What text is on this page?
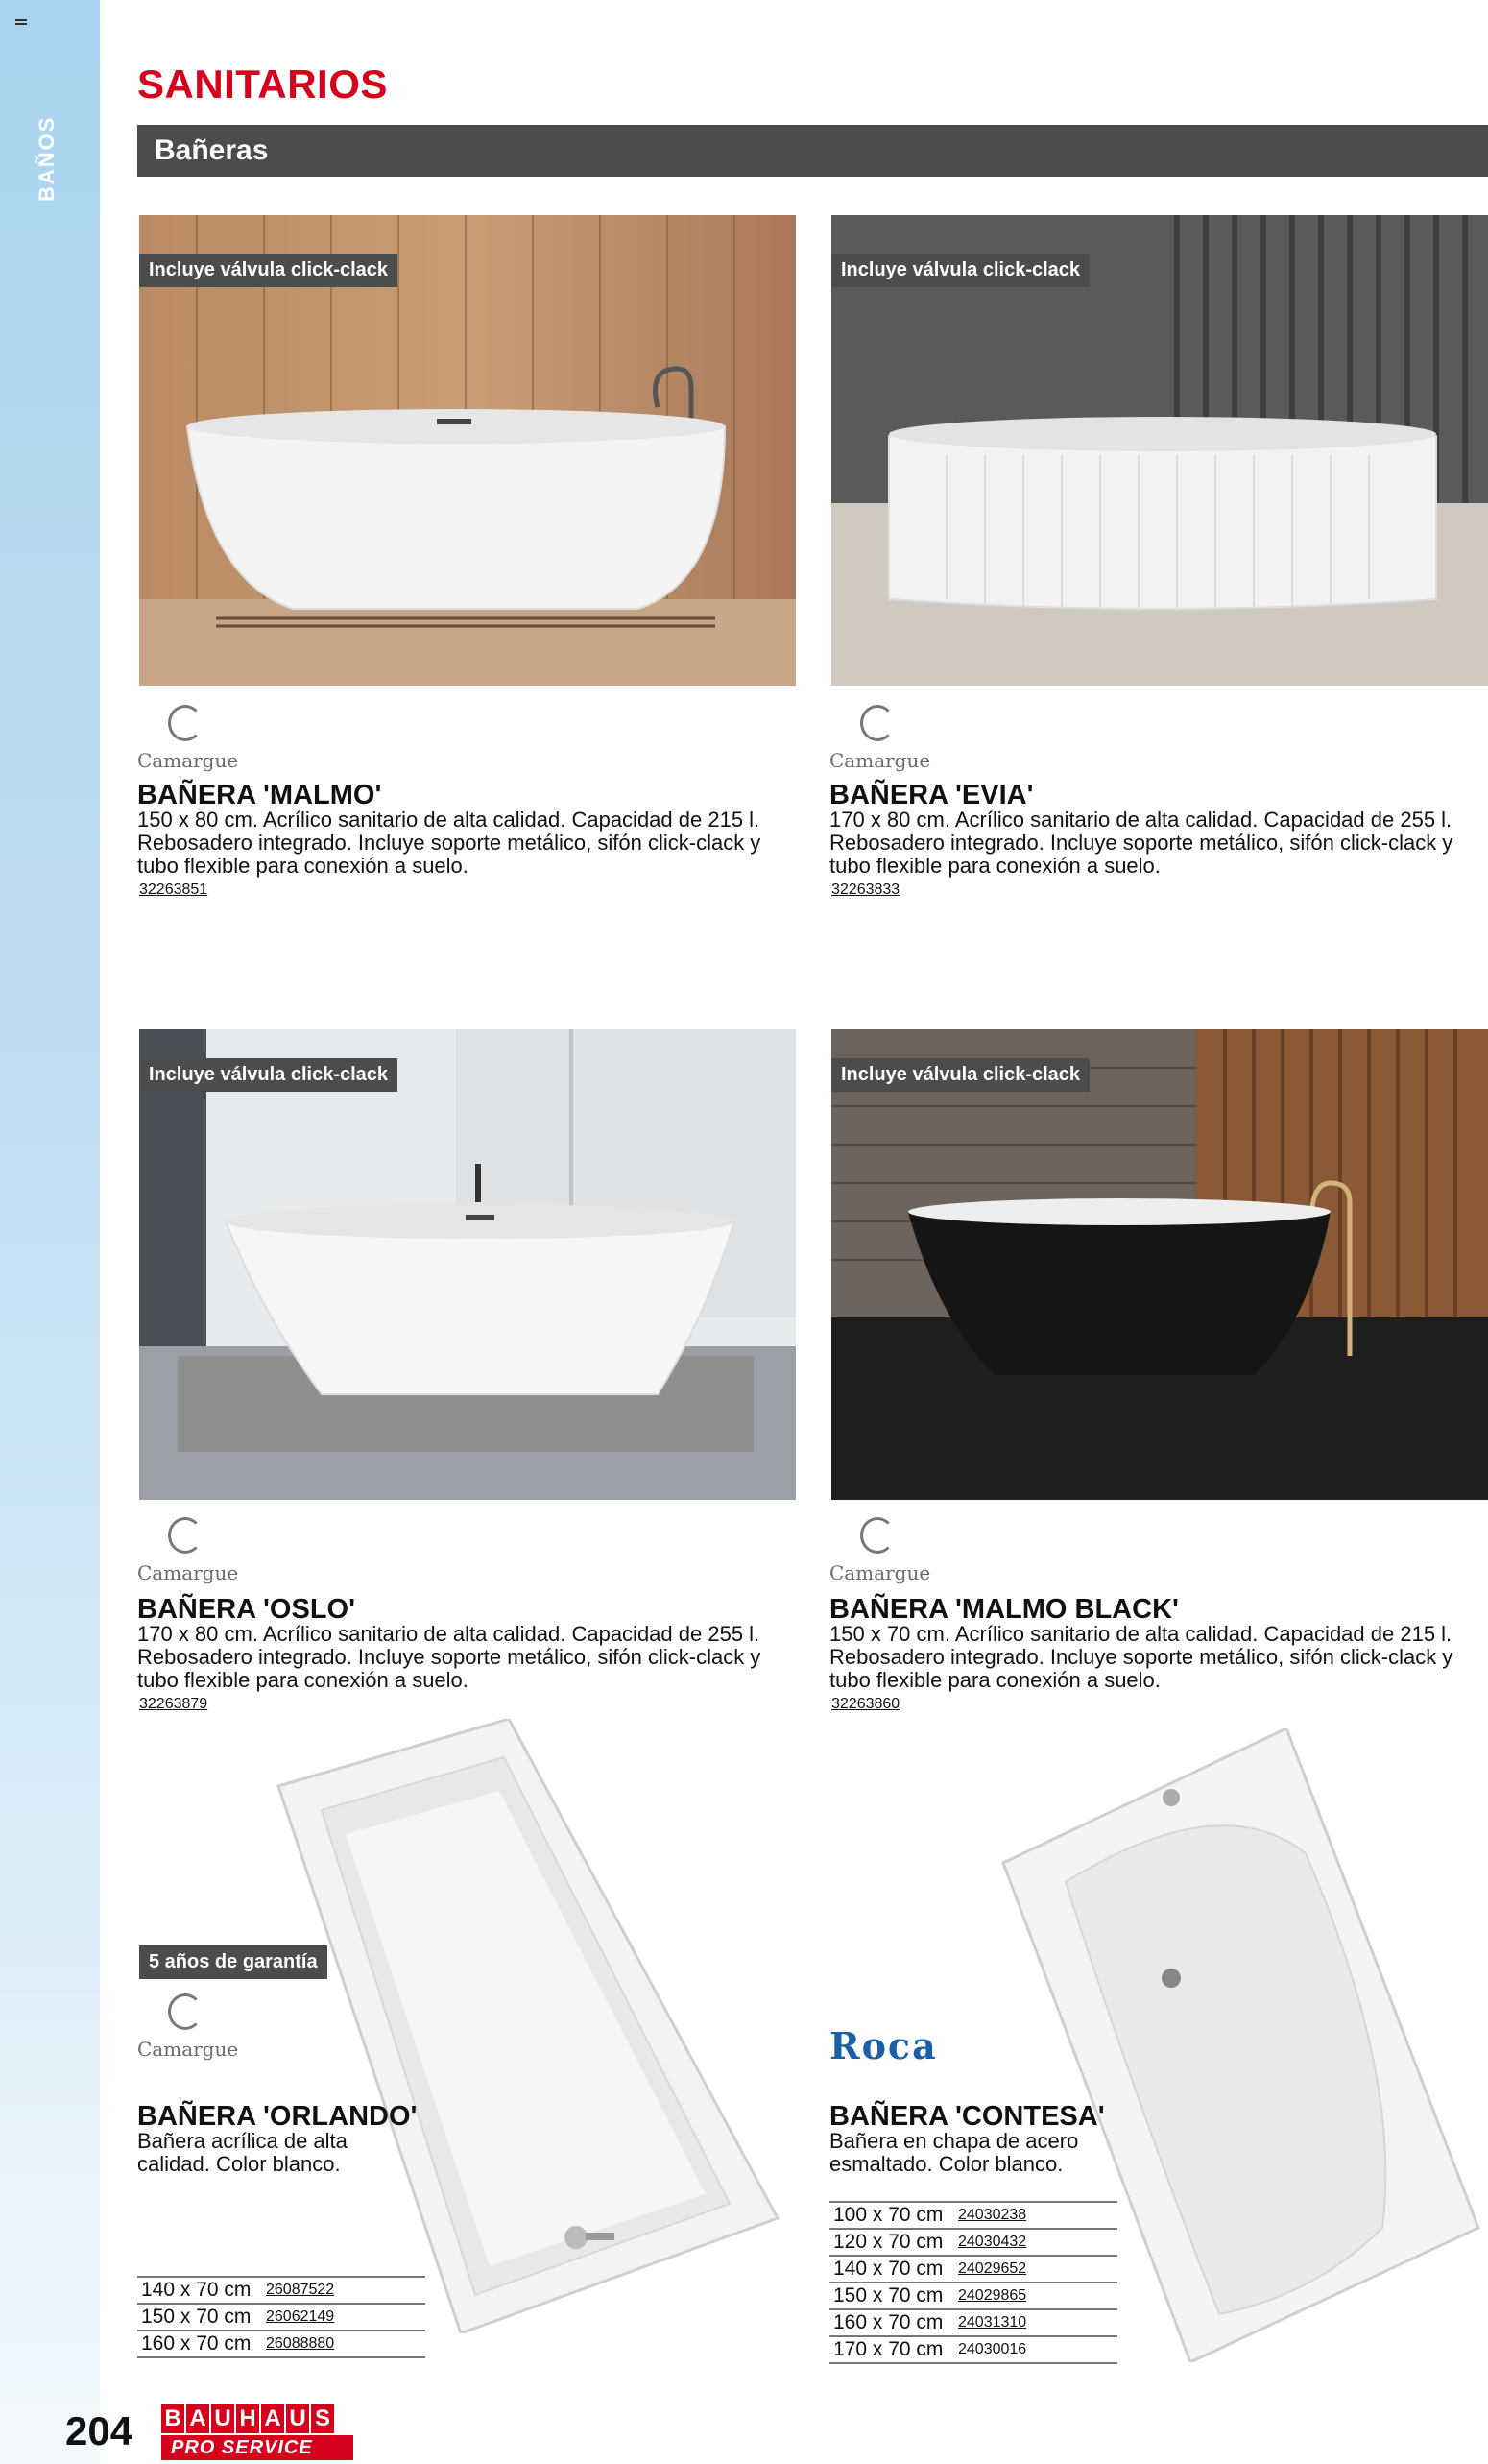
BAÑOS
SANITARIOS
Bañeras
Incluye válvula click-clack
Camargue
BAÑERA 'MALMO'
150 x 80 cm. Acrílico sanitario de alta calidad. Capacidad de 215 l. Rebosadero integrado. Incluye soporte metálico, sifón click-clack y tubo flexible para conexión a suelo.
32263851
Incluye válvula click-clack
Camargue
BAÑERA 'EVIA'
170 x 80 cm. Acrílico sanitario de alta calidad. Capacidad de 255 l. Rebosadero integrado. Incluye soporte metálico, sifón click-clack y tubo flexible para conexión a suelo.
32263833
Incluye válvula click-clack
Camargue
BAÑERA 'OSLO'
170 x 80 cm. Acrílico sanitario de alta calidad. Capacidad de 255 l. Rebosadero integrado. Incluye soporte metálico, sifón click-clack y tubo flexible para conexión a suelo.
32263879
Incluye válvula click-clack
Camargue
BAÑERA 'MALMO BLACK'
150 x 70 cm. Acrílico sanitario de alta calidad. Capacidad de 215 l. Rebosadero integrado. Incluye soporte metálico, sifón click-clack y tubo flexible para conexión a suelo.
32263860
5 años de garantía
Camargue
BAÑERA 'ORLANDO'
Bañera acrílica de alta calidad. Color blanco.
140 x 70 cm	26087522
150 x 70 cm	26062149
160 x 70 cm	26088880
Roca
BAÑERA 'CONTESA'
Bañera en chapa de acero esmaltado. Color blanco.
100 x 70 cm	24030238
120 x 70 cm	24030432
140 x 70 cm	24029652
150 x 70 cm	24029865
160 x 70 cm	24031310
170 x 70 cm	24030016
204 B A U H A U S
PRO SERVICE
